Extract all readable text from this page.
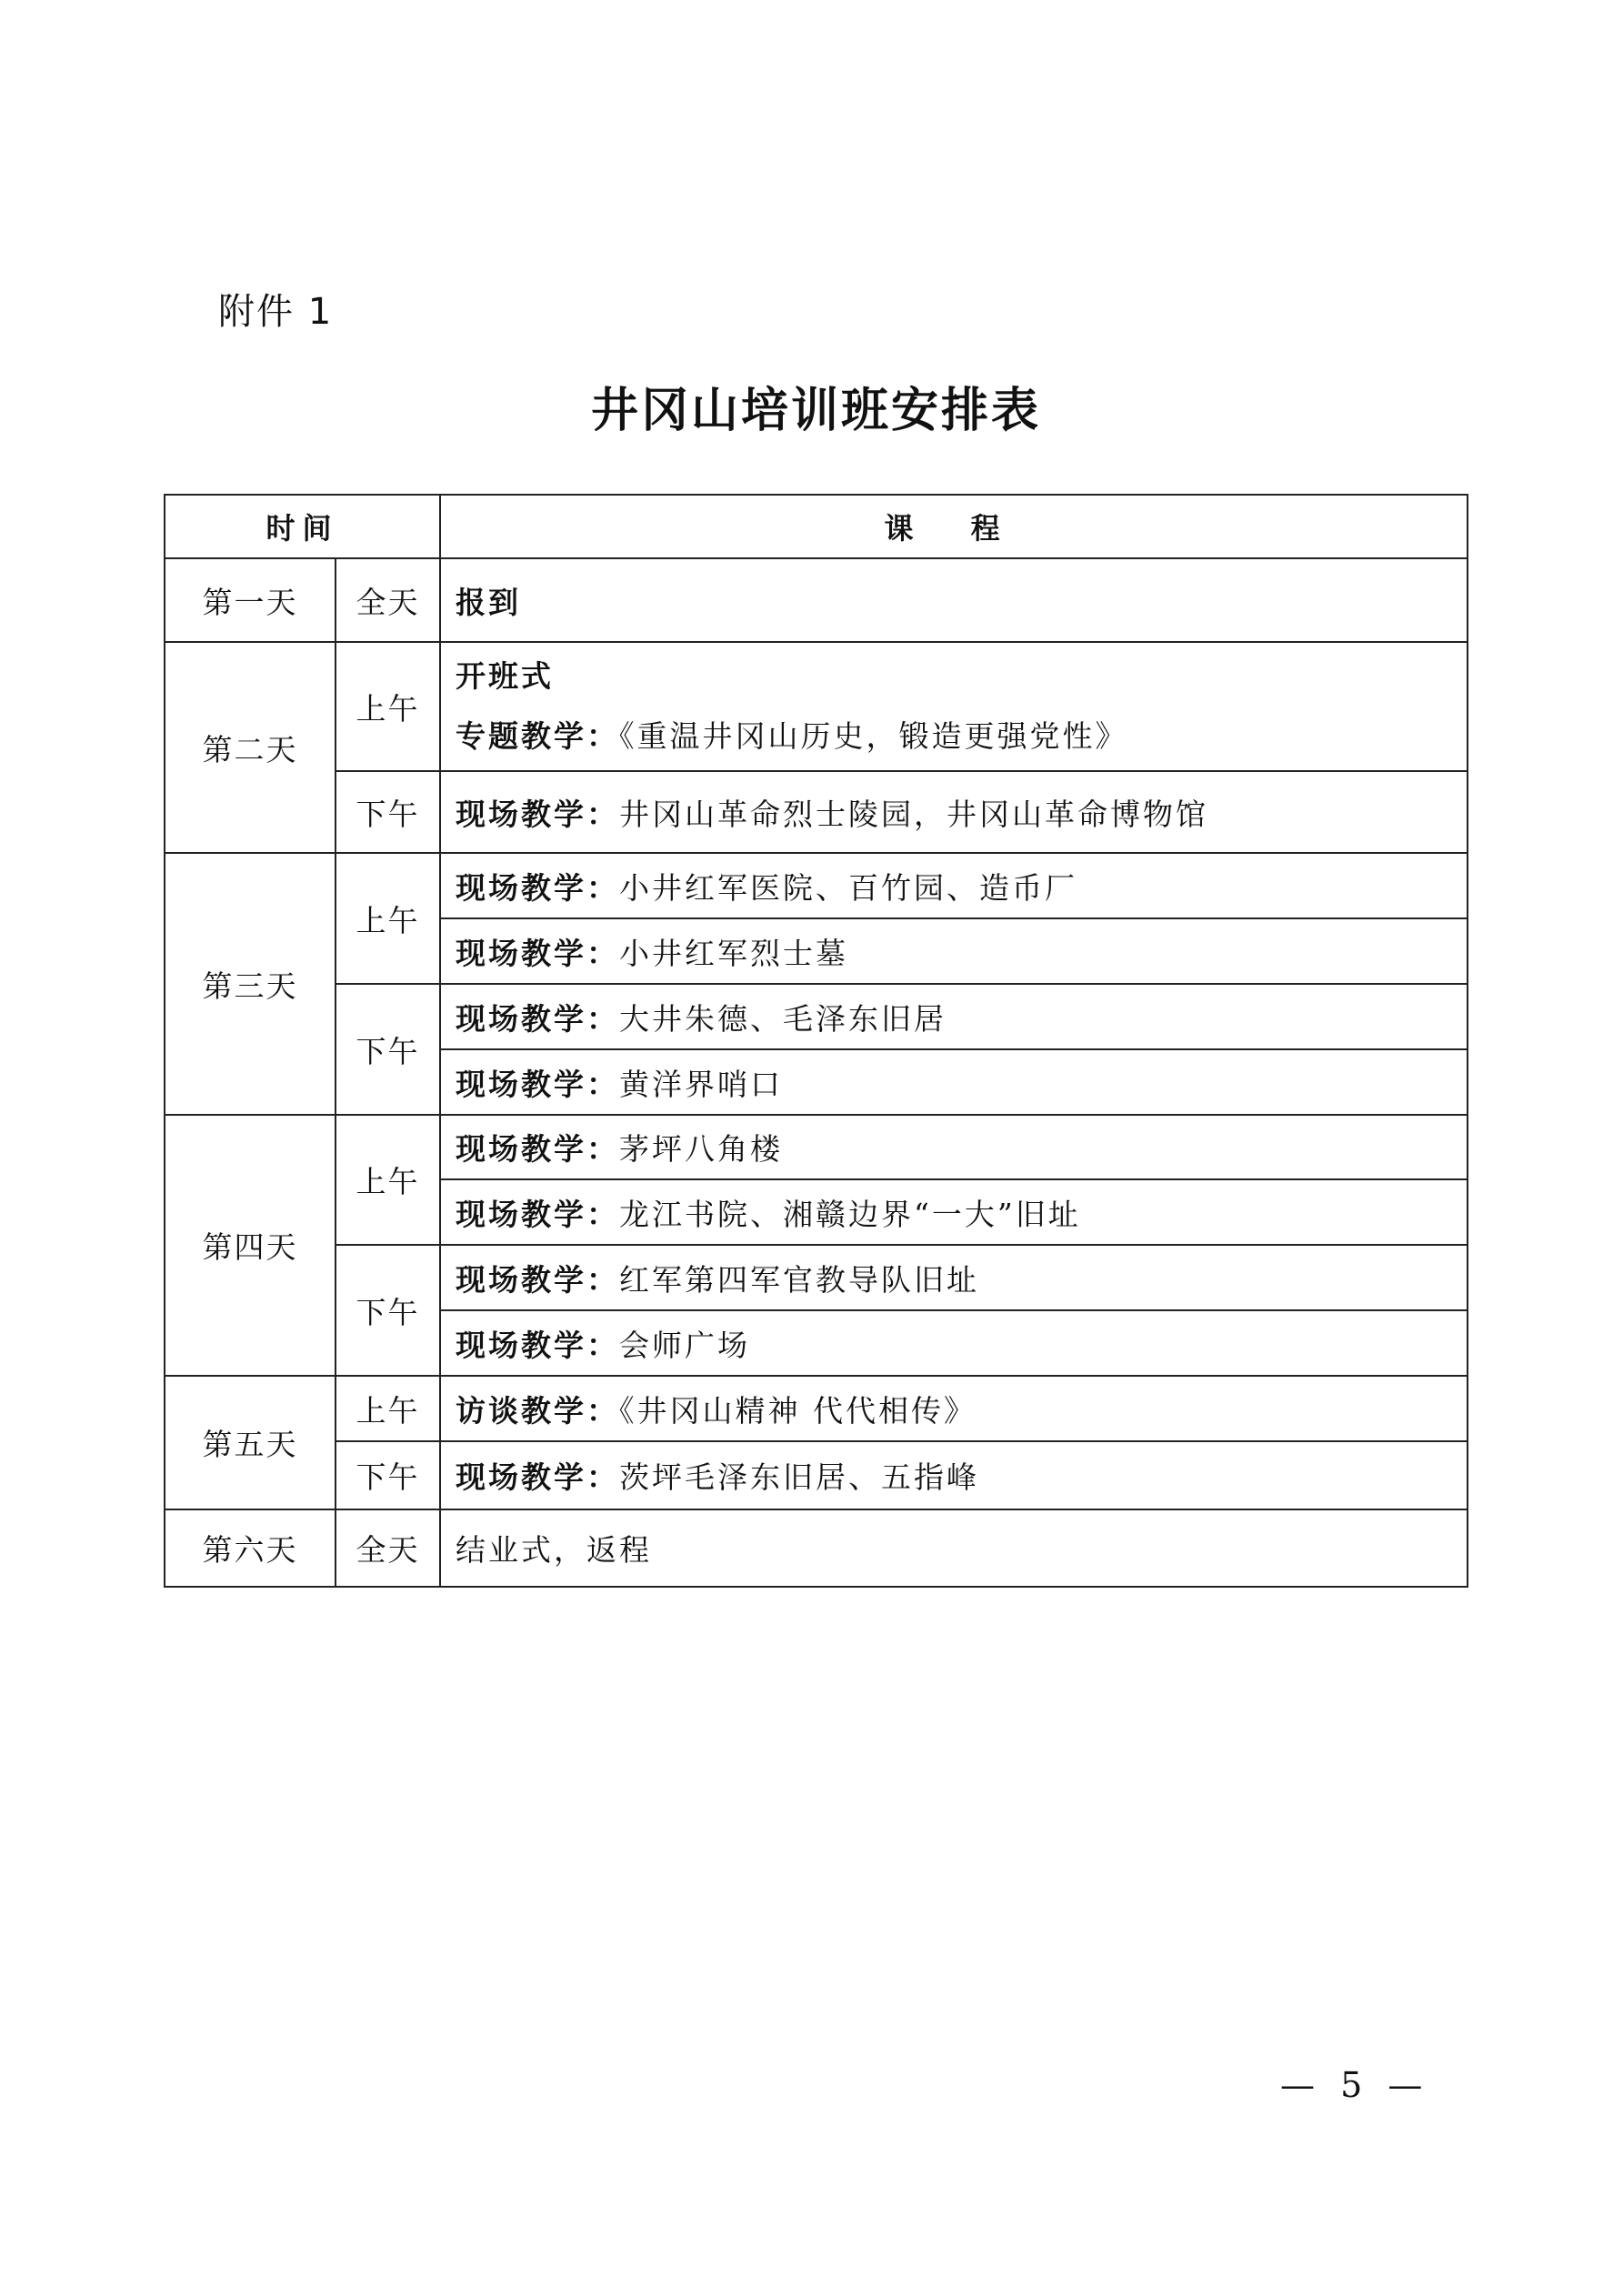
附件 1
井冈山培训班安排表
时间		课 程
第一天	全天	报到
第二天	上午	开班式
专题教学：《重温井冈山历史，锻造更强党性》

	下午	现场教学：井冈山革命烈士陵园，井冈山革命博物馆
第三天	上午	现场教学：小井红军医院、百竹园、造币厂
		现场教学：小井红军烈士墓
	下午	现场教学：大井朱德、毛泽东旧居
		现场教学：黄洋界哨口
第四天	上午	现场教学：茅坪八角楼
		现场教学：龙江书院、湘赣边界“一大”旧址
	下午	现场教学：红军第四军官教导队旧址
		现场教学：会师广场
第五天	上午	访谈教学：《井冈山精神 代代相传》
	下午	现场教学：茨坪毛泽东旧居、五指峰
第六天	全天	结业式，返程
— 5 —
